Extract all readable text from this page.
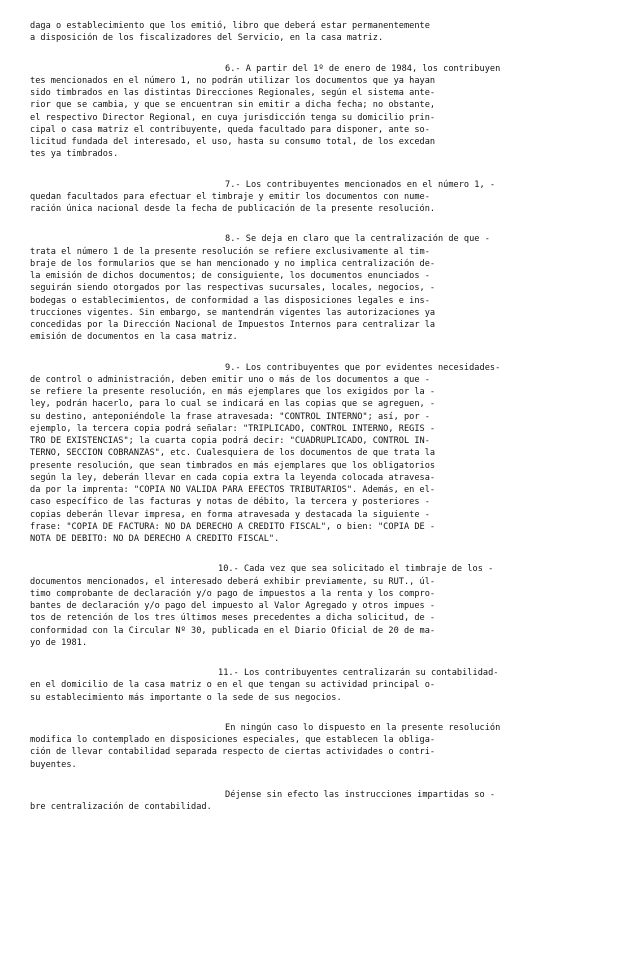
daga o establecimiento que los emitió, libro que deberá estar permanentemente
a disposición de los fiscalizadores del Servicio, en la casa matriz.
6.- A partir del 1º de enero de 1984, los contribuyen
tes mencionados en el número 1, no podrán utilizar los documentos que ya hayan
sido timbrados en las distintas Direcciones Regionales, según el sistema ante-
rior que se cambia, y que se encuentran sin emitir a dicha fecha; no obstante,
el respectivo Director Regional, en cuya jurisdicción tenga su domicilio prin-
cipal o casa matriz el contribuyente, queda facultado para disponer, ante so-
licitud fundada del interesado, el uso, hasta su consumo total, de los excedan
tes ya timbrados.
7.- Los contribuyentes mencionados en el número 1, -
quedan facultados para efectuar el timbraje y emitir los documentos con nume-
ración única nacional desde la fecha de publicación de la presente resolución.
8.- Se deja en claro que la centralización de que -
trata el número 1 de la presente resolución se refiere exclusivamente al tim-
braje de los formularios que se han mencionado y no implica centralización de-
la emisión de dichos documentos; de consiguiente, los documentos enunciados -
seguirán siendo otorgados por las respectivas sucursales, locales, negocios, -
bodegas o establecimientos, de conformidad a las disposiciones legales e ins-
trucciones vigentes. Sin embargo, se mantendrán vigentes las autorizaciones ya
concedidas por la Dirección Nacional de Impuestos Internos para centralizar la
emisión de documentos en la casa matriz.
9.- Los contribuyentes que por evidentes necesidades-
de control o administración, deben emitir uno o más de los documentos a que -
se refiere la presente resolución, en más ejemplares que los exigidos por la -
ley, podrán hacerlo, para lo cual se indicará en las copias que se agreguen, -
su destino, anteponiéndole la frase atravesada: "CONTROL INTERNO"; así, por -
ejemplo, la tercera copia podrá señalar: "TRIPLICADO, CONTROL INTERNO, REGIS -
TRO DE EXISTENCIAS"; la cuarta copia podrá decir: "CUADRUPLICADO, CONTROL IN-
TERNO, SECCION COBRANZAS", etc. Cualesquiera de los documentos de que trata la
presente resolución, que sean timbrados en más ejemplares que los obligatorios
según la ley, deberán llevar en cada copia extra la leyenda colocada atravesa-
da por la imprenta: "COPIA NO VALIDA PARA EFECTOS TRIBUTARIOS". Además, en el-
caso específico de las facturas y notas de débito, la tercera y posteriores -
copias deberán llevar impresa, en forma atravesada y destacada la siguiente -
frase: "COPIA DE FACTURA: NO DA DERECHO A CREDITO FISCAL", o bien: "COPIA DE -
NOTA DE DEBITO: NO DA DERECHO A CREDITO FISCAL".
10.- Cada vez que sea solicitado el timbraje de los -
documentos mencionados, el interesado deberá exhibir previamente, su RUT., úl-
timo comprobante de declaración y/o pago de impuestos a la renta y los compro-
bantes de declaración y/o pago del impuesto al Valor Agregado y otros impues -
tos de retención de los tres últimos meses precedentes a dicha solicitud, de -
conformidad con la Circular Nº 30, publicada en el Diario Oficial de 20 de ma-
yo de 1981.
11.- Los contribuyentes centralizarán su contabilidad-
en el domicilio de la casa matriz o en el que tengan su actividad principal o-
su establecimiento más importante o la sede de sus negocios.
En ningún caso lo dispuesto en la presente resolución
modifica lo contemplado en disposiciones especiales, que establecen la obliga-
ción de llevar contabilidad separada respecto de ciertas actividades o contri-
buyentes.
Déjense sin efecto las instrucciones impartidas so -
bre centralización de contabilidad.
